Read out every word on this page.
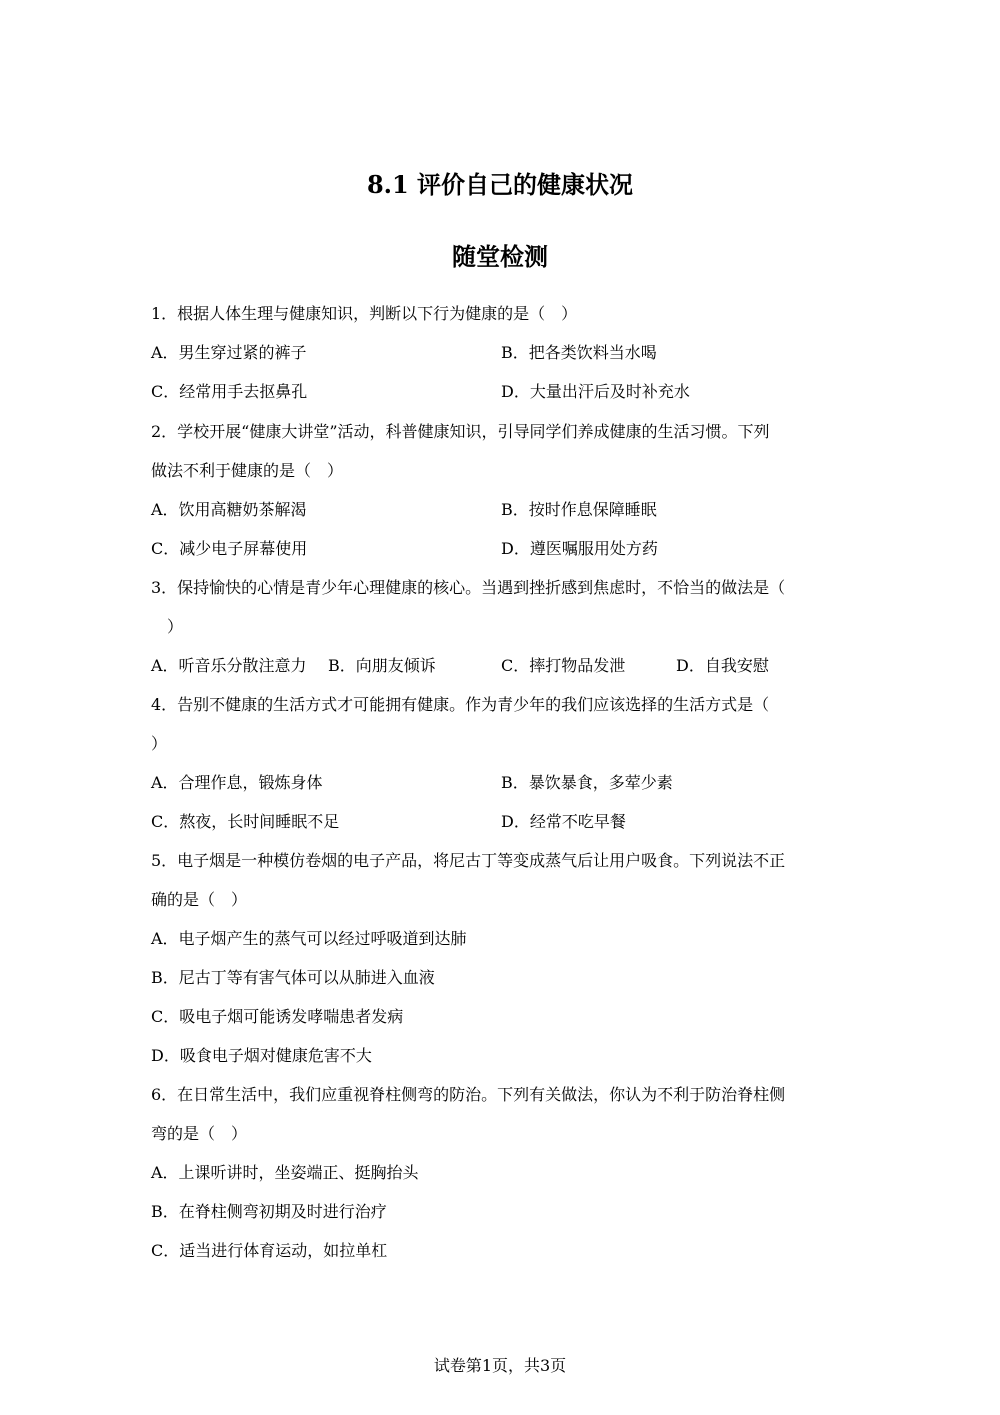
8.1 评价自己的健康状况
随堂检测
1．根据人体生理与健康知识，判断以下行为健康的是（　）
A．男生穿过紧的裤子	B．把各类饮料当水喝
C．经常用手去抠鼻孔	D．大量出汗后及时补充水
2．学校开展“健康大讲堂”活动，科普健康知识，引导同学们养成健康的生活习惯。下列
做法不利于健康的是（　）
A．饮用高糖奶茶解渴	B．按时作息保障睡眠
C．减少电子屏幕使用	D．遵医嘱服用处方药
3．保持愉快的心情是青少年心理健康的核心。当遇到挫折感到焦虑时，不恰当的做法是（
　）
A．听音乐分散注意力 B．向朋友倾诉	C．摔打物品发泄	D．自我安慰
4．告别不健康的生活方式才可能拥有健康。作为青少年的我们应该选择的生活方式是（
）
A．合理作息，锻炼身体	B．暴饮暴食，多荤少素
C．熬夜，长时间睡眠不足	D．经常不吃早餐
5．电子烟是一种模仿卷烟的电子产品，将尼古丁等变成蒸气后让用户吸食。下列说法不正
确的是（　）
A．电子烟产生的蒸气可以经过呼吸道到达肺
B．尼古丁等有害气体可以从肺进入血液
C．吸电子烟可能诱发哮喘患者发病
D．吸食电子烟对健康危害不大
6．在日常生活中，我们应重视脊柱侧弯的防治。下列有关做法，你认为不利于防治脊柱侧
弯的是（　）
A．上课听讲时，坐姿端正、挺胸抬头
B．在脊柱侧弯初期及时进行治疗
C．适当进行体育运动，如拉单杠
试卷第1页，共3页
